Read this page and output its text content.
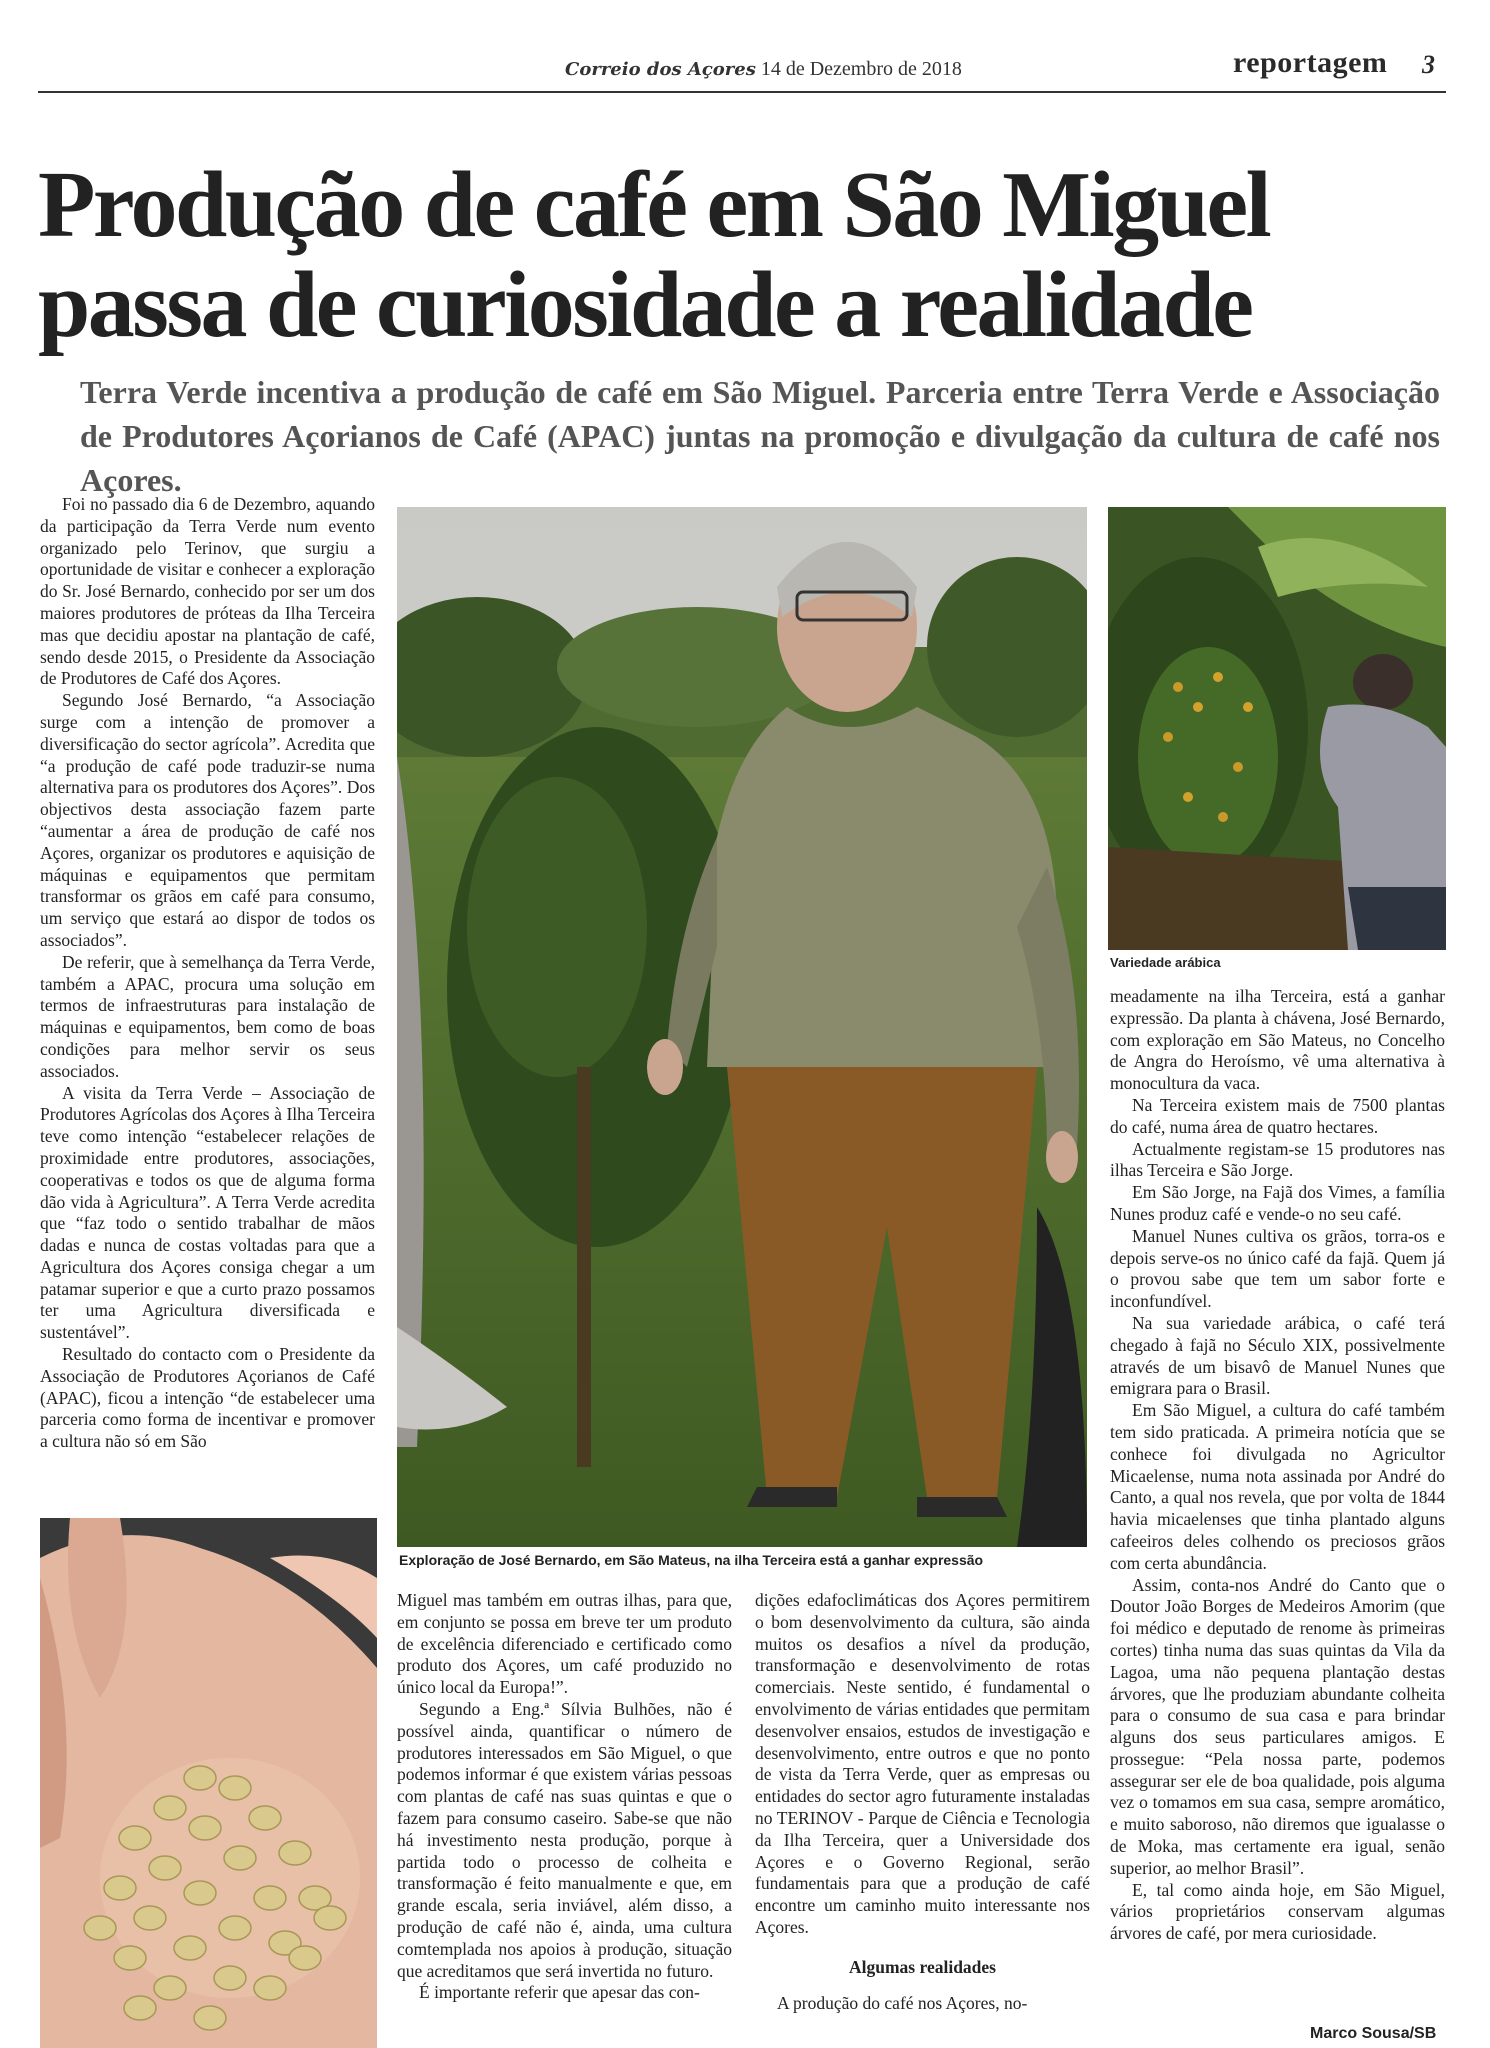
Correio dos Açores 14 de Dezembro de 2018	reportagem 3
Produção de café em São Miguel
passa de curiosidade a realidade

Terra Verde incentiva a produção de café em São Miguel. Parceria entre Terra Verde e Associação de Produtores Açorianos de Café (APAC) juntas na promoção e divulgação da cultura de café nos Açores.

Foi no passado dia 6 de Dezembro, aquando da participação da Terra Verde num evento organizado pelo Terinov, que surgiu a oportunidade de visitar e conhecer a exploração do Sr. José Bernardo, conhecido por ser um dos maiores produtores de próteas da Ilha Terceira mas que decidiu apostar na plantação de café, sendo desde 2015, o Presidente da Associação de Produtores de Café dos Açores.

Segundo José Bernardo, “a Associação surge com a intenção de promover a diversificação do sector agrícola”. Acredita que “a produção de café pode traduzir-se numa alternativa para os produtores dos Açores”. Dos objectivos desta associação fazem parte “aumentar a área de produção de café nos Açores, organizar os produtores e aquisição de máquinas e equipamentos que permitam transformar os grãos em café para consumo, um serviço que estará ao dispor de todos os associados”.

De referir, que à semelhança da Terra Verde, também a APAC, procura uma solução em termos de infraestruturas para instalação de máquinas e equipamentos, bem como de boas condições para melhor servir os seus associados.

A visita da Terra Verde – Associação de Produtores Agrícolas dos Açores à Ilha Terceira teve como intenção “estabelecer relações de proximidade entre produtores, associações, cooperativas e todos os que de alguma forma dão vida à Agricultura”. A Terra Verde acredita que “faz todo o sentido trabalhar de mãos dadas e nunca de costas voltadas para que a Agricultura dos Açores consiga chegar a um patamar superior e que a curto prazo possamos ter uma Agricultura diversificada e sustentável”.

Resultado do contacto com o Presidente da Associação de Produtores Açorianos de Café (APAC), ficou a intenção “de estabelecer uma parceria como forma de incentivar e promover a cultura não só em São

Exploração de José Bernardo, em São Mateus, na ilha Terceira está a ganhar expressão
Variedade arábica

Miguel mas também em outras ilhas, para que, em conjunto se possa em breve ter um produto de excelência diferenciado e certificado como produto dos Açores, um café produzido no único local da Europa!”.

Segundo a Eng.ª Sílvia Bulhões, não é possível ainda, quantificar o número de produtores interessados em São Miguel, o que podemos informar é que existem várias pessoas com plantas de café nas suas quintas e que o fazem para consumo caseiro. Sabe-se que não há investimento nesta produção, porque à partida todo o processo de colheita e transformação é feito manualmente e que, em grande escala, seria inviável, além disso, a produção de café não é, ainda, uma cultura comtemplada nos apoios à produção, situação que acreditamos que será invertida no futuro.

É importante referir que apesar das con-

dições edafoclimáticas dos Açores permitirem o bom desenvolvimento da cultura, são ainda muitos os desafios a nível da produção, transformação e desenvolvimento de rotas comerciais. Neste sentido, é fundamental o envolvimento de várias entidades que permitam desenvolver ensaios, estudos de investigação e desenvolvimento, entre outros e que no ponto de vista da Terra Verde, quer as empresas ou entidades do sector agro futuramente instaladas no TERINOV - Parque de Ciência e Tecnologia da Ilha Terceira, quer a Universidade dos Açores e o Governo Regional, serão fundamentais para que a produção de café encontre um caminho muito interessante nos Açores.

Algumas realidades

A produção do café nos Açores, no-

meadamente na ilha Terceira, está a ganhar expressão. Da planta à chávena, José Bernardo, com exploração em São Mateus, no Concelho de Angra do Heroísmo, vê uma alternativa à monocultura da vaca.

Na Terceira existem mais de 7500 plantas do café, numa área de quatro hectares.

Actualmente registam-se 15 produtores nas ilhas Terceira e São Jorge.

Em São Jorge, na Fajã dos Vimes, a família Nunes produz café e vende-o no seu café.

Manuel Nunes cultiva os grãos, torra-os e depois serve-os no único café da fajã. Quem já o provou sabe que tem um sabor forte e inconfundível.

Na sua variedade arábica, o café terá chegado à fajã no Século XIX, possivelmente através de um bisavô de Manuel Nunes que emigrara para o Brasil.

Em São Miguel, a cultura do café também tem sido praticada. A primeira notícia que se conhece foi divulgada no Agricultor Micaelense, numa nota assinada por André do Canto, a qual nos revela, que por volta de 1844 havia micaelenses que tinha plantado alguns cafeeiros deles colhendo os preciosos grãos com certa abundância.

Assim, conta-nos André do Canto que o Doutor João Borges de Medeiros Amorim (que foi médico e deputado de renome às primeiras cortes) tinha numa das suas quintas da Vila da Lagoa, uma não pequena plantação destas árvores, que lhe produziam abundante colheita para o consumo de sua casa e para brindar alguns dos seus particulares amigos. E prossegue: “Pela nossa parte, podemos assegurar ser ele de boa qualidade, pois alguma vez o tomamos em sua casa, sempre aromático, e muito saboroso, não diremos que igualasse o de Moka, mas certamente era igual, senão superior, ao melhor Brasil”.

E, tal como ainda hoje, em São Miguel, vários proprietários conservam algumas árvores de café, por mera curiosidade.

Marco Sousa/SB
